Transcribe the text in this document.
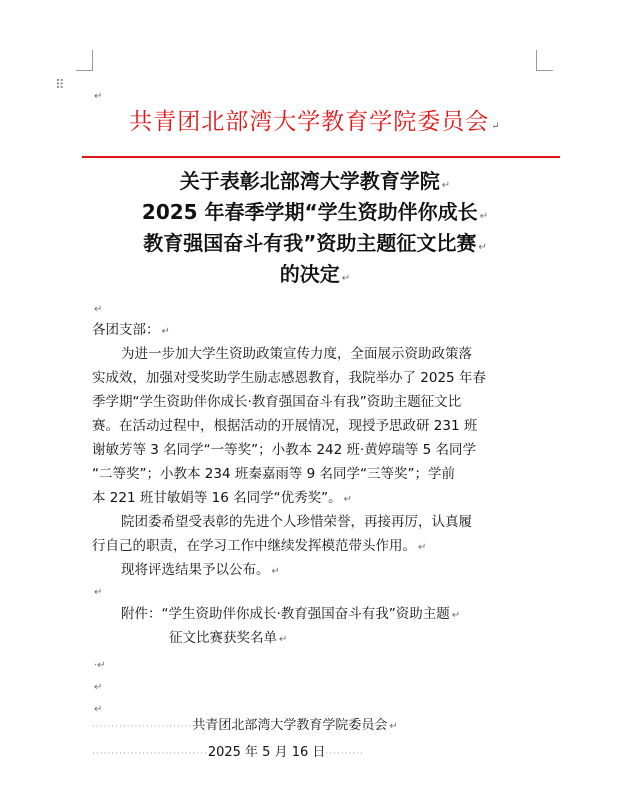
⠿
↵
共青团北部湾大学教育学院委员会 ↵
关于表彰北部湾大学教育学院 ↵
2025 年春季学期“学生资助伴你成长 ↵
教育强国奋斗有我”资助主题征文比赛 ↵
的决定 ↵
↵
各团支部： ↵
为进一步加大学生资助政策宣传力度，全面展示资助政策落
实成效，加强对受奖助学生励志感恩教育，我院举办了 2025 年春
季学期“学生资助伴你成长·教育强国奋斗有我”资助主题征文比
赛。在活动过程中，根据活动的开展情况，现授予思政研 231 班
谢敏芳等 3 名同学“一等奖”；小教本 242 班·黄婷瑞等 5 名同学
“二等奖”；小教本 234 班秦嘉雨等 9 名同学“三等奖”；学前
本 221 班甘敏娟等 16 名同学“优秀奖”。 ↵
院团委希望受表彰的先进个人珍惜荣誉，再接再厉，认真履
行自己的职责，在学习工作中继续发挥模范带头作用。 ↵
现将评选结果予以公布。 ↵
↵
附件：“学生资助伴你成长·教育强国奋斗有我”资助主题 ↵
征文比赛获奖名单 ↵
·↵
↵
↵
··························共青团北部湾大学教育学院委员会 ↵
······························2025 年 5 月 16 日··········
